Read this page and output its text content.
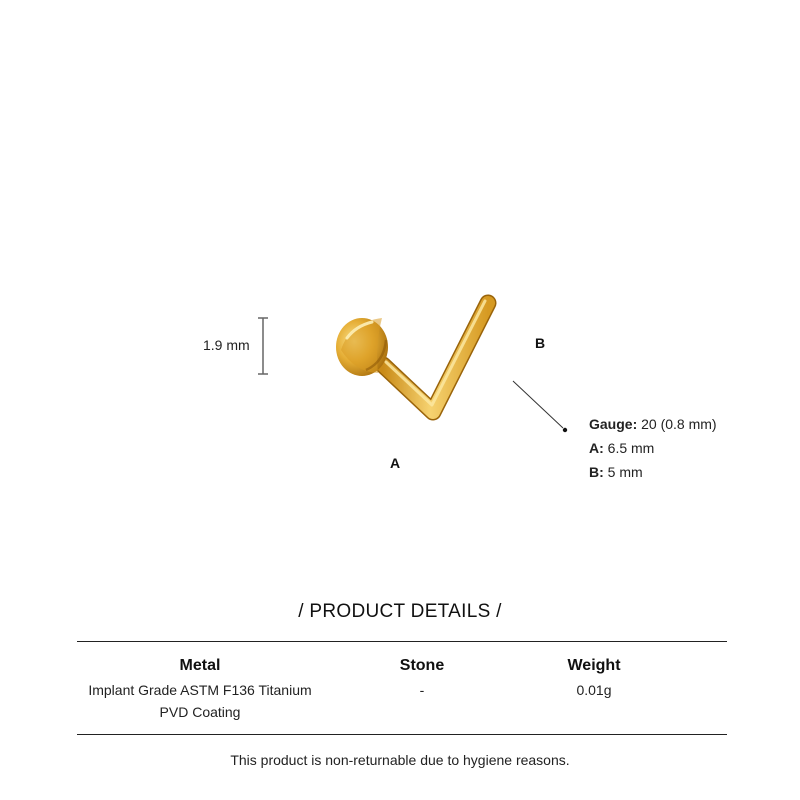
1.9 mm
A
B
Gauge: 20 (0.8 mm)
A: 6.5 mm
B: 5 mm
/ PRODUCT DETAILS /
Metal
Implant Grade ASTM F136 Titanium
PVD Coating
Stone
-
Weight
0.01g
This product is non-returnable due to hygiene reasons.
